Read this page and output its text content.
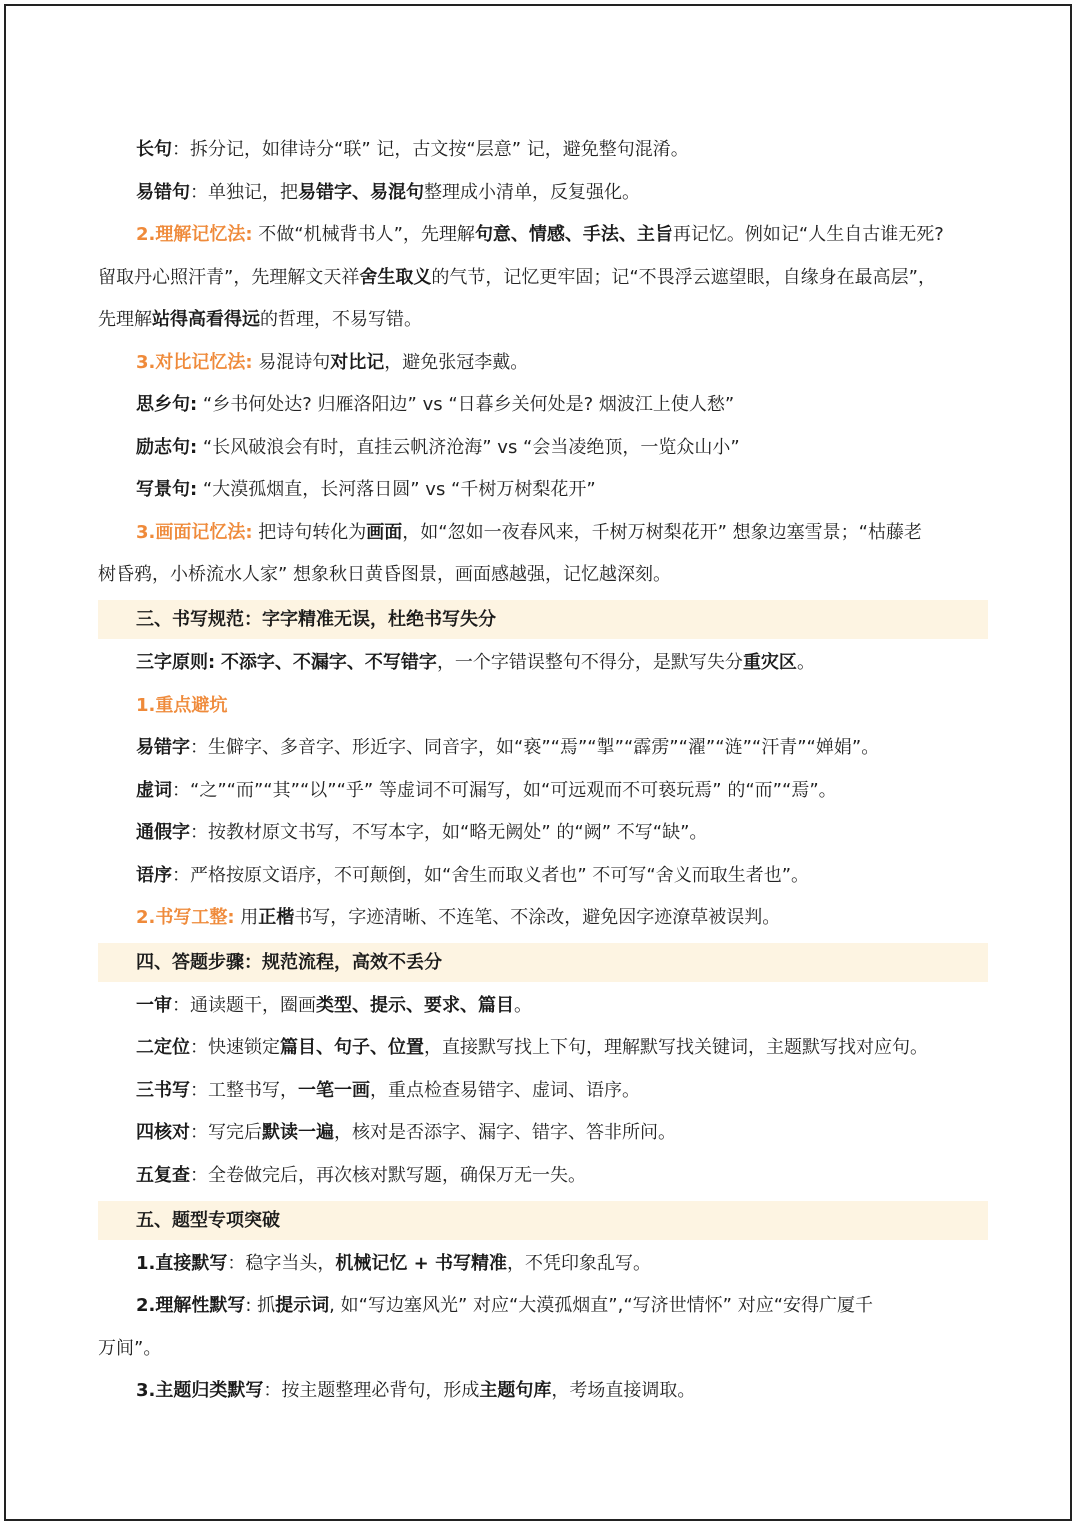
长句：拆分记，如律诗分“联” 记，古文按“层意” 记，避免整句混淆。
易错句：单独记，把易错字、易混句整理成小清单，反复强化。
2.理解记忆法: 不做“机械背书人”，先理解句意、情感、手法、主旨再记忆。例如记“人生自古谁无死?
留取丹心照汗青”，先理解文天祥舍生取义的气节，记忆更牢固；记“不畏浮云遮望眼，自缘身在最高层”，
先理解站得高看得远的哲理，不易写错。
3.对比记忆法: 易混诗句对比记，避免张冠李戴。
思乡句: “乡书何处达? 归雁洛阳边” vs “日暮乡关何处是? 烟波江上使人愁”
励志句: “长风破浪会有时，直挂云帆济沧海” vs “会当凌绝顶，一览众山小”
写景句: “大漠孤烟直，长河落日圆” vs “千树万树梨花开”
3.画面记忆法: 把诗句转化为画面，如“忽如一夜春风来，千树万树梨花开” 想象边塞雪景；“枯藤老
树昏鸦，小桥流水人家” 想象秋日黄昏图景，画面感越强，记忆越深刻。
三、书写规范：字字精准无误，杜绝书写失分
三字原则: 不添字、不漏字、不写错字，一个字错误整句不得分，是默写失分重灾区。
1.重点避坑
易错字：生僻字、多音字、形近字、同音字，如“亵”“焉”“掣”“霹雳”“濯”“涟”“汗青”“婵娟”。
虚词：“之”“而”“其”“以”“乎” 等虚词不可漏写，如“可远观而不可亵玩焉” 的“而”“焉”。
通假字：按教材原文书写，不写本字，如“略无阙处” 的“阙” 不写“缺”。
语序：严格按原文语序，不可颠倒，如“舍生而取义者也” 不可写“舍义而取生者也”。
2.书写工整: 用正楷书写，字迹清晰、不连笔、不涂改，避免因字迹潦草被误判。
四、答题步骤：规范流程，高效不丢分
一审：通读题干，圈画类型、提示、要求、篇目。
二定位：快速锁定篇目、句子、位置，直接默写找上下句，理解默写找关键词，主题默写找对应句。
三书写：工整书写，一笔一画，重点检查易错字、虚词、语序。
四核对：写完后默读一遍，核对是否添字、漏字、错字、答非所问。
五复查：全卷做完后，再次核对默写题，确保万无一失。
五、题型专项突破
1.直接默写：稳字当头，机械记忆 + 书写精准，不凭印象乱写。
2.理解性默写: 抓提示词, 如“写边塞风光” 对应“大漠孤烟直”,“写济世情怀” 对应“安得广厦千
万间”。
3.主题归类默写：按主题整理必背句，形成主题句库，考场直接调取。
